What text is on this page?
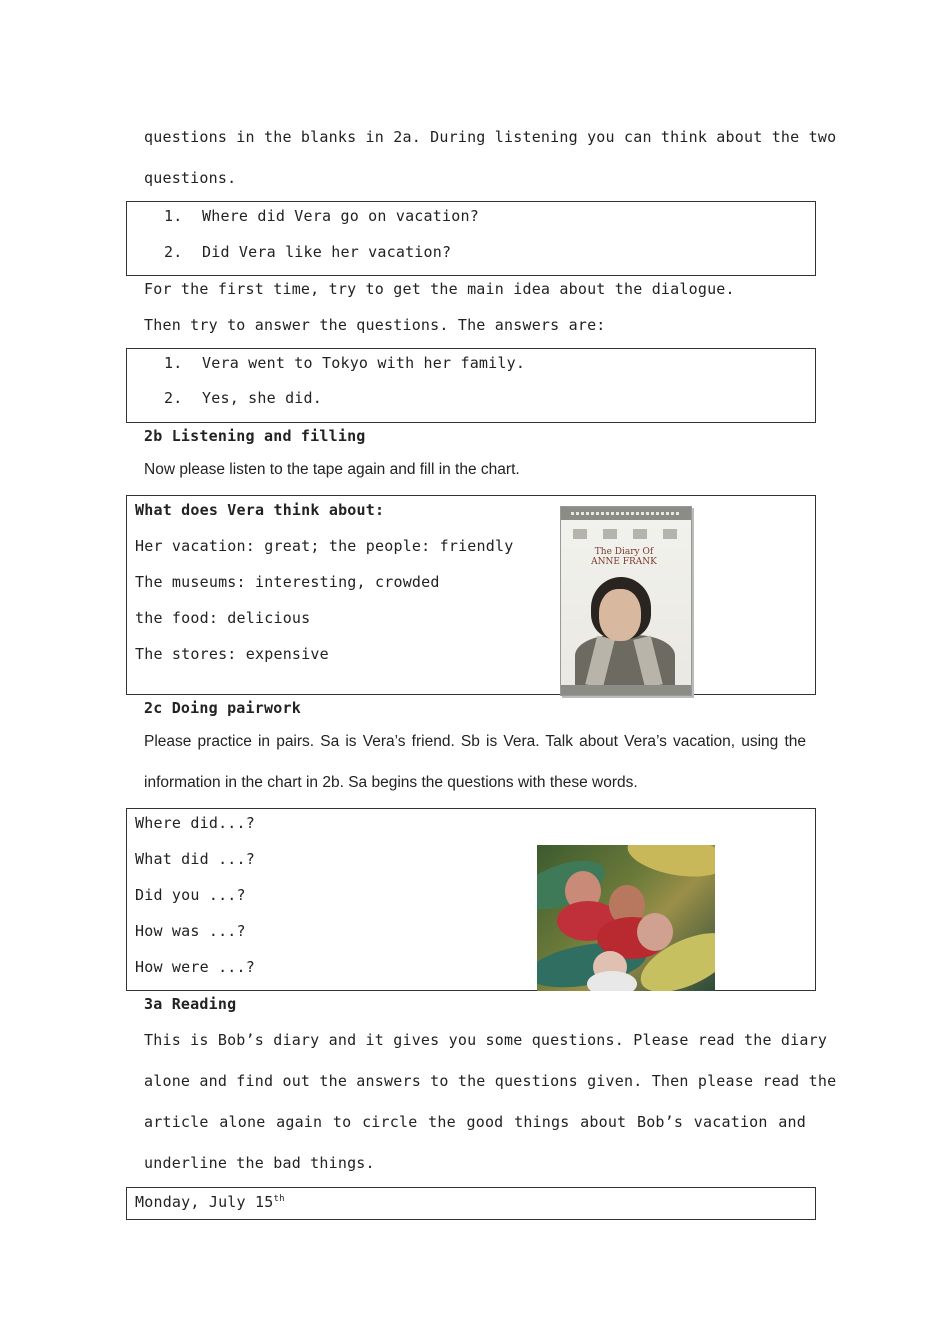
questions in the blanks in 2a. During listening you can think about the two
questions.
1. Where did Vera go on vacation?
2. Did Vera like her vacation?
For the first time, try to get the main idea about the dialogue.
Then try to answer the questions. The answers are:
1. Vera went to Tokyo with her family.
2. Yes, she did.
2b Listening and filling
Now please listen to the tape again and fill in the chart.
What does Vera think about:
Her vacation: great; the people: friendly
The museums: interesting, crowded
the food: delicious
The stores: expensive
The Diary Of ANNE FRANK
2c Doing pairwork
Please practice in pairs. Sa is Vera’s friend. Sb is Vera. Talk about Vera’s vacation, using the
information in the chart in 2b. Sa begins the questions with these words.
Where did...?
What did ...?
Did you ...?
How was ...?
How were ...?
3a Reading
This is Bob’s diary and it gives you some questions. Please read the diary
alone and find out the answers to the questions given. Then please read the
article alone again to circle the good things about Bob’s vacation and
underline the bad things.
Monday, July 15th
